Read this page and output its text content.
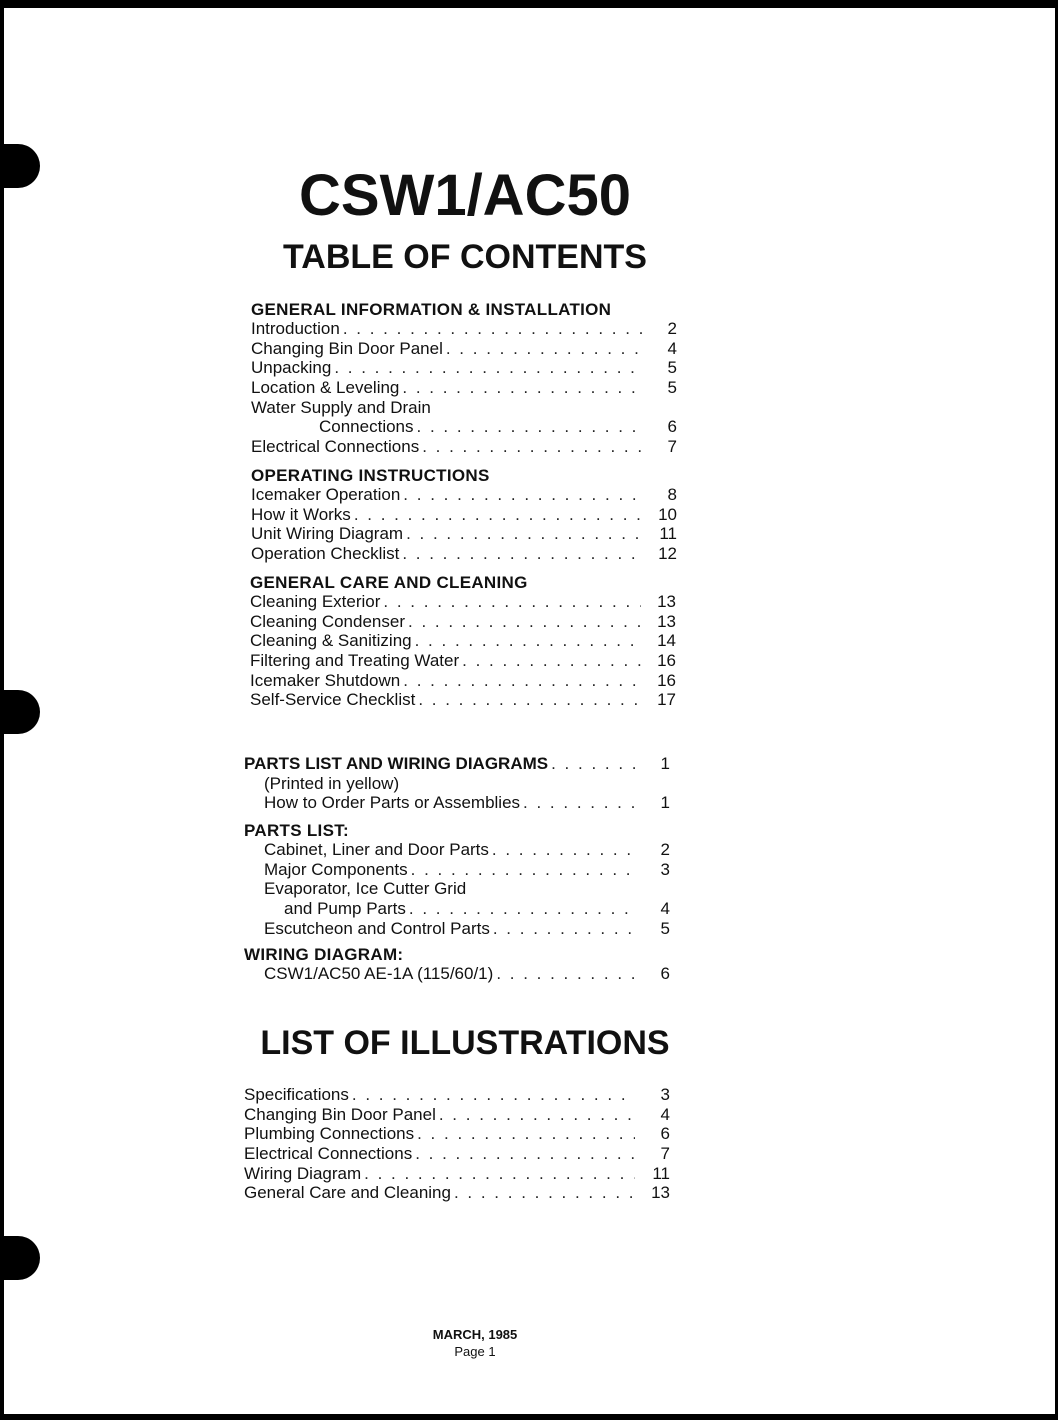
CSW1/AC50
TABLE OF CONTENTS
GENERAL INFORMATION & INSTALLATION
Introduction . . .	2
Changing Bin Door Panel . . .	4
Unpacking . . .	5
Location & Leveling . . .	5
Water Supply and Drain
Connections . . .	6
Electrical Connections . . .	7
OPERATING INSTRUCTIONS
Icemaker Operation . . .	8
How it Works . . .	10
Unit Wiring Diagram . . .	11
Operation Checklist . . .	12
GENERAL CARE AND CLEANING
Cleaning Exterior . . .	13
Cleaning Condenser . . .	13
Cleaning & Sanitizing . . .	14
Filtering and Treating Water . . .	16
Icemaker Shutdown . . .	16
Self-Service Checklist . . .	17
PARTS LIST AND WIRING DIAGRAMS . . .	1
(Printed in yellow)
How to Order Parts or Assemblies . . .	1
PARTS LIST:
Cabinet, Liner and Door Parts . . .	2
Major Components . . .	3
Evaporator, Ice Cutter Grid
and Pump Parts . . .	4
Escutcheon and Control Parts . . .	5
WIRING DIAGRAM:
CSW1/AC50 AE-1A (115/60/1) . . .	6
LIST OF ILLUSTRATIONS
Specifications . . .	3
Changing Bin Door Panel . . .	4
Plumbing Connections . . .	6
Electrical Connections . . .	7
Wiring Diagram . . .	11
General Care and Cleaning . . .	13
MARCH, 1985
Page 1
